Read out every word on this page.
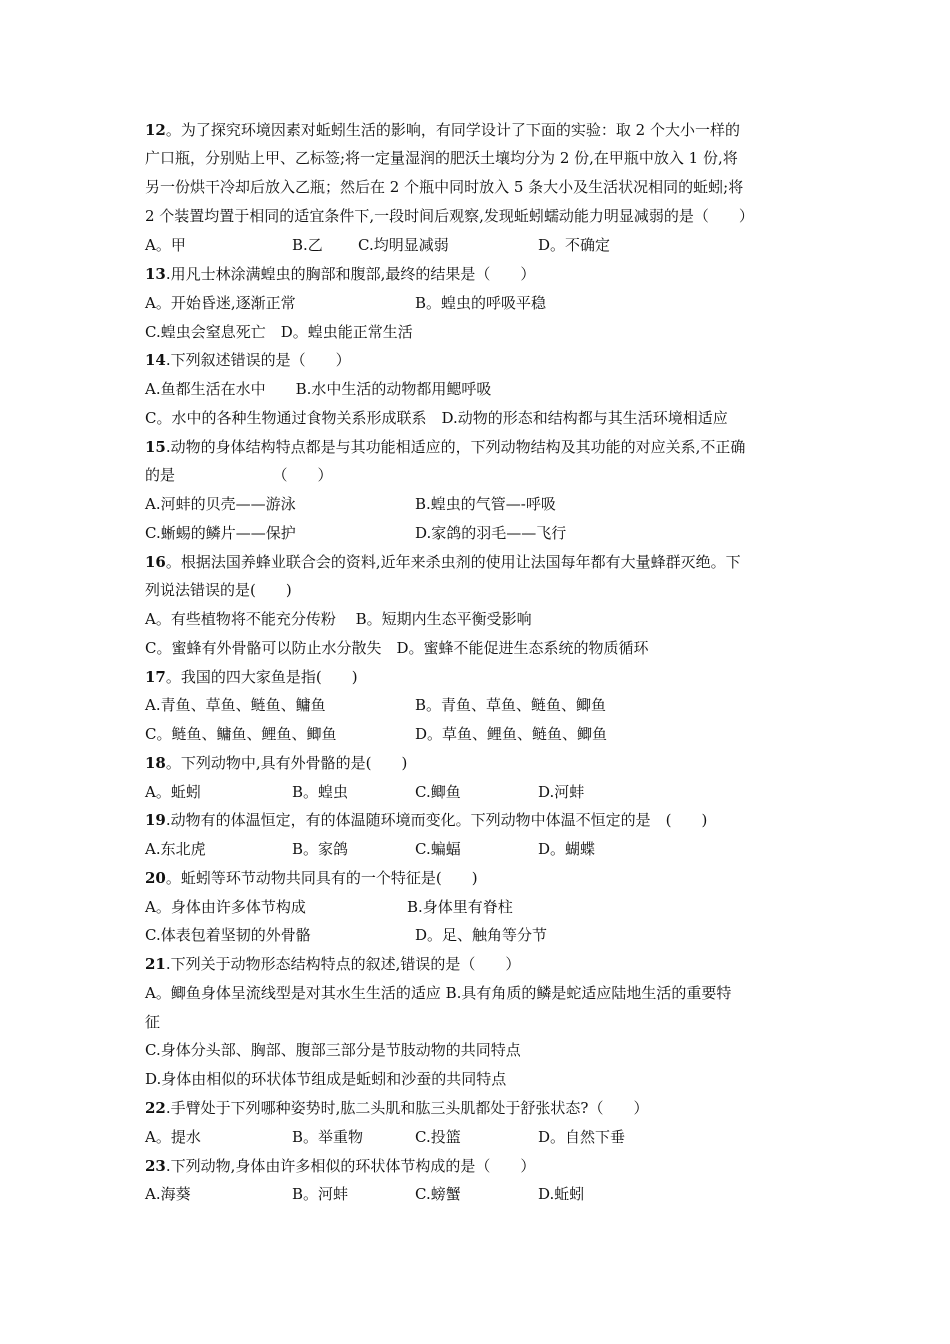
12。为了探究环境因素对蚯蚓生活的影响，有同学设计了下面的实验：取 2 个大小一样的
广口瓶，分别贴上甲、乙标签;将一定量湿润的肥沃土壤均分为 2 份,在甲瓶中放入 1 份,将
另一份烘干冷却后放入乙瓶；然后在 2 个瓶中同时放入 5 条大小及生活状况相同的蚯蚓;将
2 个装置均置于相同的适宜条件下,一段时间后观察,发现蚯蚓蠕动能力明显减弱的是（　　）
A。甲	B.乙 C.均明显减弱	D。不确定
13.用凡士林涂满蝗虫的胸部和腹部,最终的结果是（　　）
A。开始昏迷,逐渐正常	B。蝗虫的呼吸平稳
C.蝗虫会窒息死亡　D。蝗虫能正常生活
14.下列叙述错误的是（　　）
A.鱼都生活在水中　　B.水中生活的动物都用鳃呼吸
C。水中的各种生物通过食物关系形成联系　D.动物的形态和结构都与其生活环境相适应
15.动物的身体结构特点都是与其功能相适应的，下列动物结构及其功能的对应关系,不正确
的是　　　　　　　（　　）
A.河蚌的贝壳——游泳	B.蝗虫的气管—-呼吸
C.蜥蜴的鳞片——保护	D.家鸽的羽毛——飞行
16。根据法国养蜂业联合会的资料,近年来杀虫剂的使用让法国每年都有大量蜂群灭绝。下
列说法错误的是(　　)
A。有些植物将不能充分传粉　 B。短期内生态平衡受影响
C。蜜蜂有外骨骼可以防止水分散失　D。蜜蜂不能促进生态系统的物质循环
17。我国的四大家鱼是指(　　)
A.青鱼、草鱼、鲢鱼、鳙鱼	B。青鱼、草鱼、鲢鱼、鲫鱼
C。鲢鱼、鳙鱼、鲤鱼、鲫鱼	D。草鱼、鲤鱼、鲢鱼、鲫鱼
18。下列动物中,具有外骨骼的是(　　)
A。蚯蚓	B。蝗虫	C.鲫鱼	D.河蚌
19.动物有的体温恒定，有的体温随环境而变化。下列动物中体温不恒定的是　(　　)
A.东北虎	B。家鸽	C.蝙蝠	D。蝴蝶
20。蚯蚓等环节动物共同具有的一个特征是(　　)
A。身体由许多体节构成	B.身体里有脊柱
C.体表包着坚韧的外骨骼	D。足、触角等分节
21.下列关于动物形态结构特点的叙述,错误的是（　　）
A。鲫鱼身体呈流线型是对其水生生活的适应 B.具有角质的鳞是蛇适应陆地生活的重要特
征
C.身体分头部、胸部、腹部三部分是节肢动物的共同特点
D.身体由相似的环状体节组成是蚯蚓和沙蚕的共同特点
22.手臂处于下列哪种姿势时,肱二头肌和肱三头肌都处于舒张状态?（　　）
A。提水	B。举重物	C.投篮	D。自然下垂
23.下列动物,身体由许多相似的环状体节构成的是（　　）
A.海葵	B。河蚌	C.螃蟹	D.蚯蚓
